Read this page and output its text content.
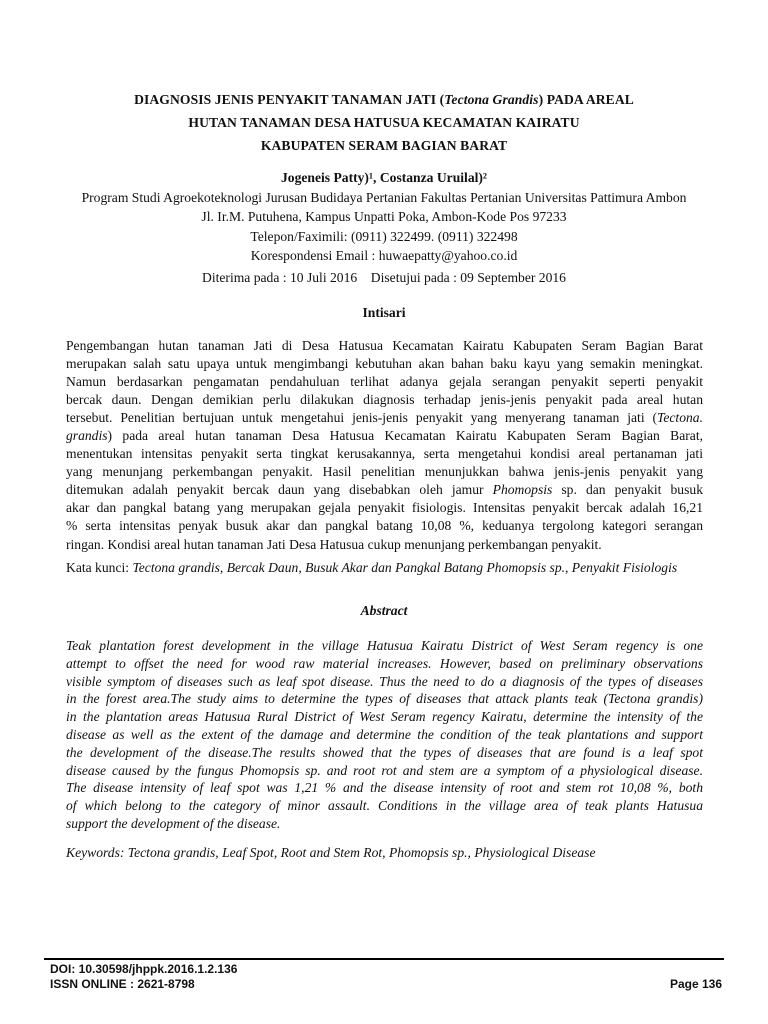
DIAGNOSIS JENIS PENYAKIT TANAMAN JATI (Tectona Grandis) PADA AREAL
HUTAN TANAMAN DESA HATUSUA KECAMATAN KAIRATU
KABUPATEN SERAM BAGIAN BARAT
Jogeneis Patty)¹, Costanza Uruilal)²
Program Studi Agroekoteknologi Jurusan Budidaya Pertanian Fakultas Pertanian Universitas Pattimura Ambon
Jl. Ir.M. Putuhena, Kampus Unpatti Poka, Ambon-Kode Pos 97233
Telepon/Faximili: (0911) 322499. (0911) 322498
Korespondensi Email : huwaepatty@yahoo.co.id
Diterima pada : 10 Juli 2016 Disetujui pada : 09 September 2016
Intisari
Pengembangan hutan tanaman Jati di Desa Hatusua Kecamatan Kairatu Kabupaten Seram Bagian Barat
merupakan salah satu upaya untuk mengimbangi kebutuhan akan bahan baku kayu yang semakin meningkat.
Namun berdasarkan pengamatan pendahuluan terlihat adanya gejala serangan penyakit seperti penyakit
bercak daun. Dengan demikian perlu dilakukan diagnosis terhadap jenis-jenis penyakit pada areal hutan
tersebut. Penelitian bertujuan untuk mengetahui jenis-jenis penyakit yang menyerang tanaman jati (Tectona.
grandis) pada areal hutan tanaman Desa Hatusua Kecamatan Kairatu Kabupaten Seram Bagian Barat,
menentukan intensitas penyakit serta tingkat kerusakannya, serta mengetahui kondisi areal pertanaman jati
yang menunjang perkembangan penyakit. Hasil penelitian menunjukkan bahwa jenis-jenis penyakit yang
ditemukan adalah penyakit bercak daun yang disebabkan oleh jamur Phomopsis sp. dan penyakit busuk
akar dan pangkal batang yang merupakan gejala penyakit fisiologis. Intensitas penyakit bercak adalah 16,21
% serta intensitas penyak busuk akar dan pangkal batang 10,08 %, keduanya tergolong kategori serangan
ringan. Kondisi areal hutan tanaman Jati Desa Hatusua cukup menunjang perkembangan penyakit.
Kata kunci: Tectona grandis, Bercak Daun, Busuk Akar dan Pangkal Batang Phomopsis sp., Penyakit Fisiologis
Abstract
Teak plantation forest development in the village Hatusua Kairatu District of West Seram regency is one
attempt to offset the need for wood raw material increases. However, based on preliminary observations
visible symptom of diseases such as leaf spot disease. Thus the need to do a diagnosis of the types of diseases
in the forest area.The study aims to determine the types of diseases that attack plants teak (Tectona grandis)
in the plantation areas Hatusua Rural District of West Seram regency Kairatu, determine the intensity of the
disease as well as the extent of the damage and determine the condition of the teak plantations and support
the development of the disease.The results showed that the types of diseases that are found is a leaf spot
disease caused by the fungus Phomopsis sp. and root rot and stem are a symptom of a physiological disease.
The disease intensity of leaf spot was 1,21 % and the disease intensity of root and stem rot 10,08 %, both
of which belong to the category of minor assault. Conditions in the village area of teak plants Hatusua
support the development of the disease.
Keywords: Tectona grandis, Leaf Spot, Root and Stem Rot, Phomopsis sp., Physiological Disease
DOI: 10.30598/jhppk.2016.1.2.136
ISSN ONLINE : 2621-8798	Page 136
